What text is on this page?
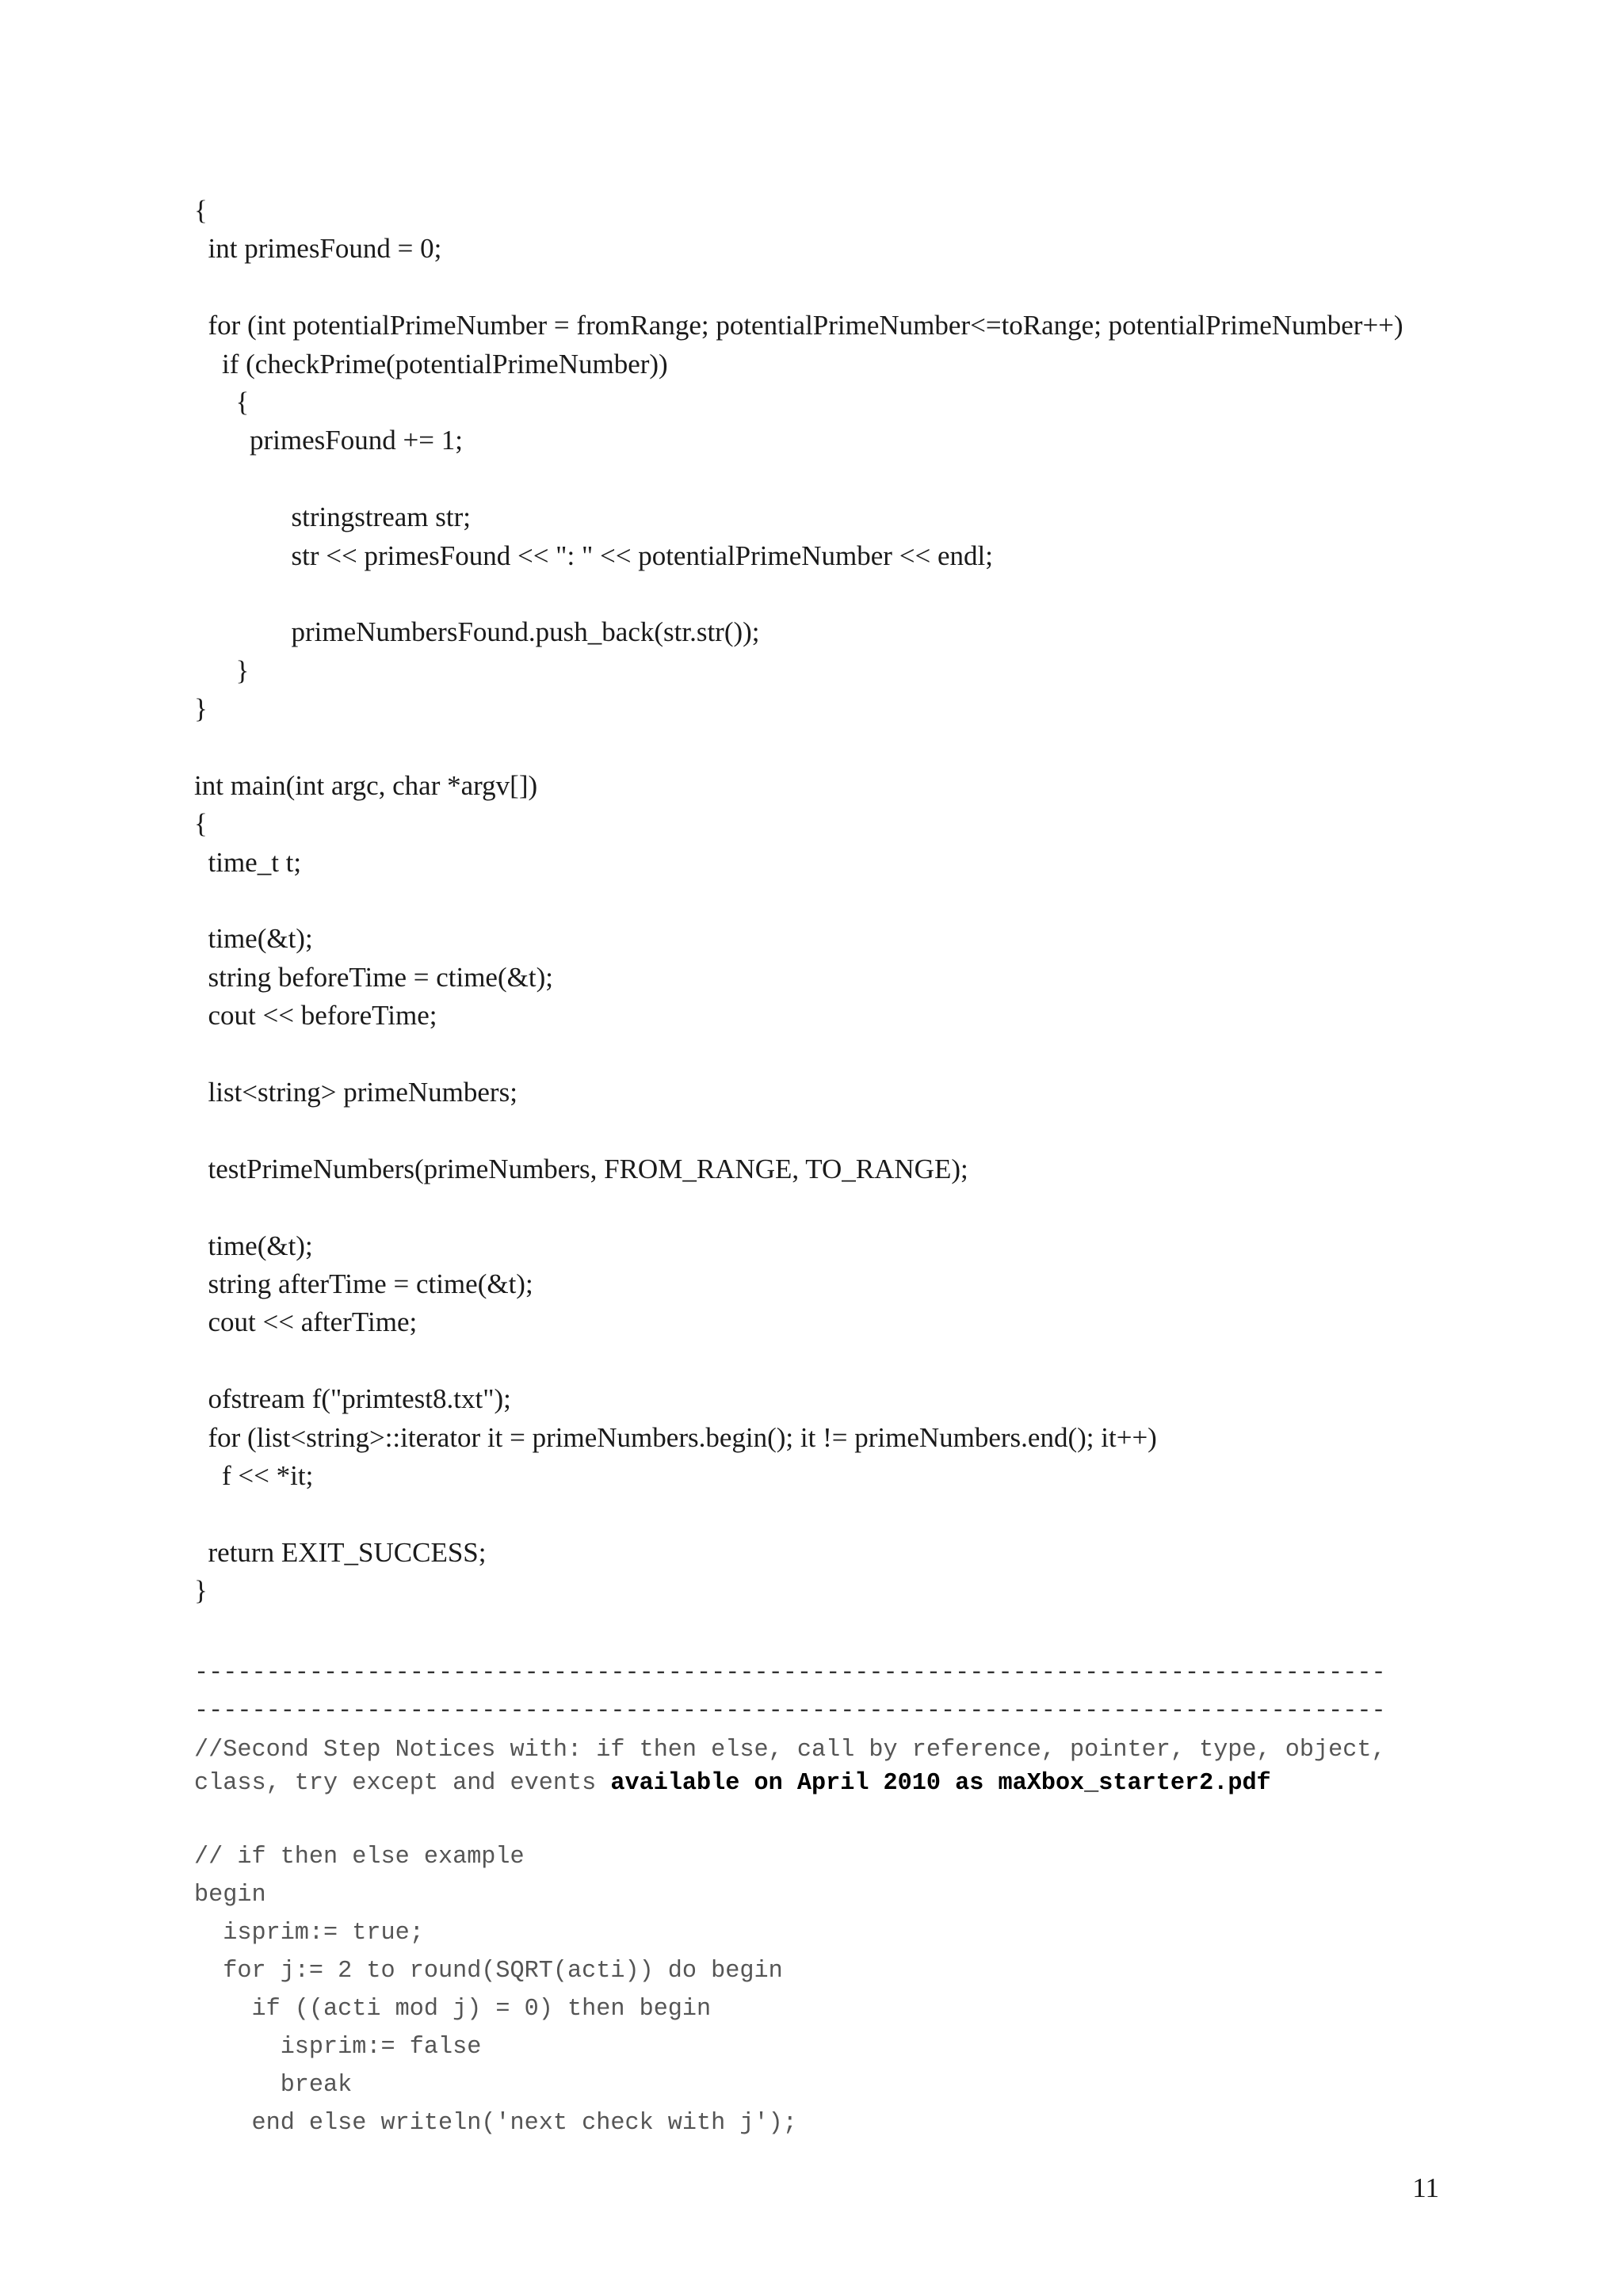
{
int primesFound = 0;
for (int potentialPrimeNumber = fromRange; potentialPrimeNumber<=toRange; potentialPrimeNumber++)
if (checkPrime(potentialPrimeNumber))
{
primesFound += 1;
stringstream str;
str << primesFound << ": " << potentialPrimeNumber << endl;
primeNumbersFound.push_back(str.str());
}
}
int main(int argc, char *argv[])
{
time_t t;
time(&t);
string beforeTime = ctime(&t);
cout << beforeTime;
list<string> primeNumbers;
testPrimeNumbers(primeNumbers, FROM_RANGE, TO_RANGE);
time(&t);
string afterTime = ctime(&t);
cout << afterTime;
ofstream f("primtest8.txt");
for (list<string>::iterator it = primeNumbers.begin(); it != primeNumbers.end(); it++)
f << *it;
return EXIT_SUCCESS;
}
-----------------------------------------------------------------------------------
-----------------------------------------------------------------------------------
//Second Step Notices with: if then else, call by reference, pointer, type, object,
class, try except and events available on April 2010 as maXbox_starter2.pdf
// if then else example
begin
isprim:= true;
for j:= 2 to round(SQRT(acti)) do begin
if ((acti mod j) = 0) then begin
isprim:= false
break
end else writeln('next check with j');
11
